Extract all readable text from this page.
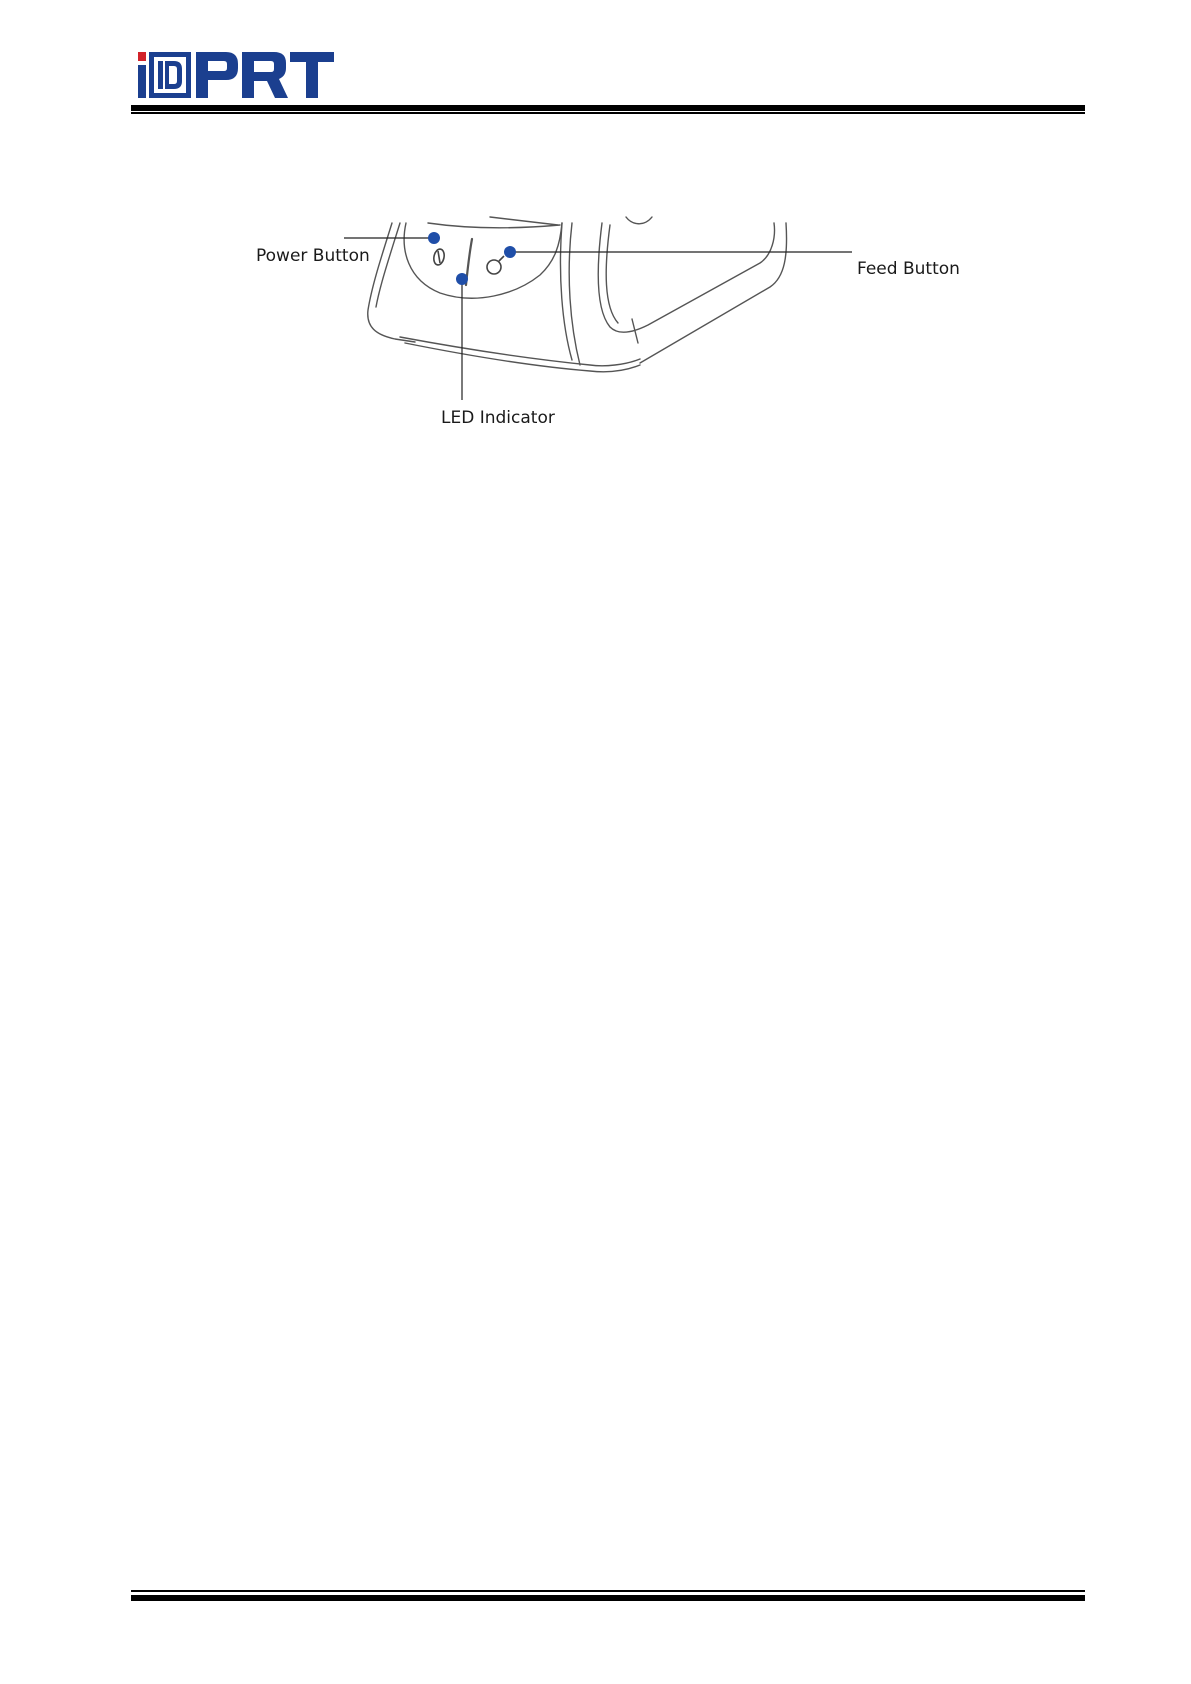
Power Button
Feed Button
LED Indicator
